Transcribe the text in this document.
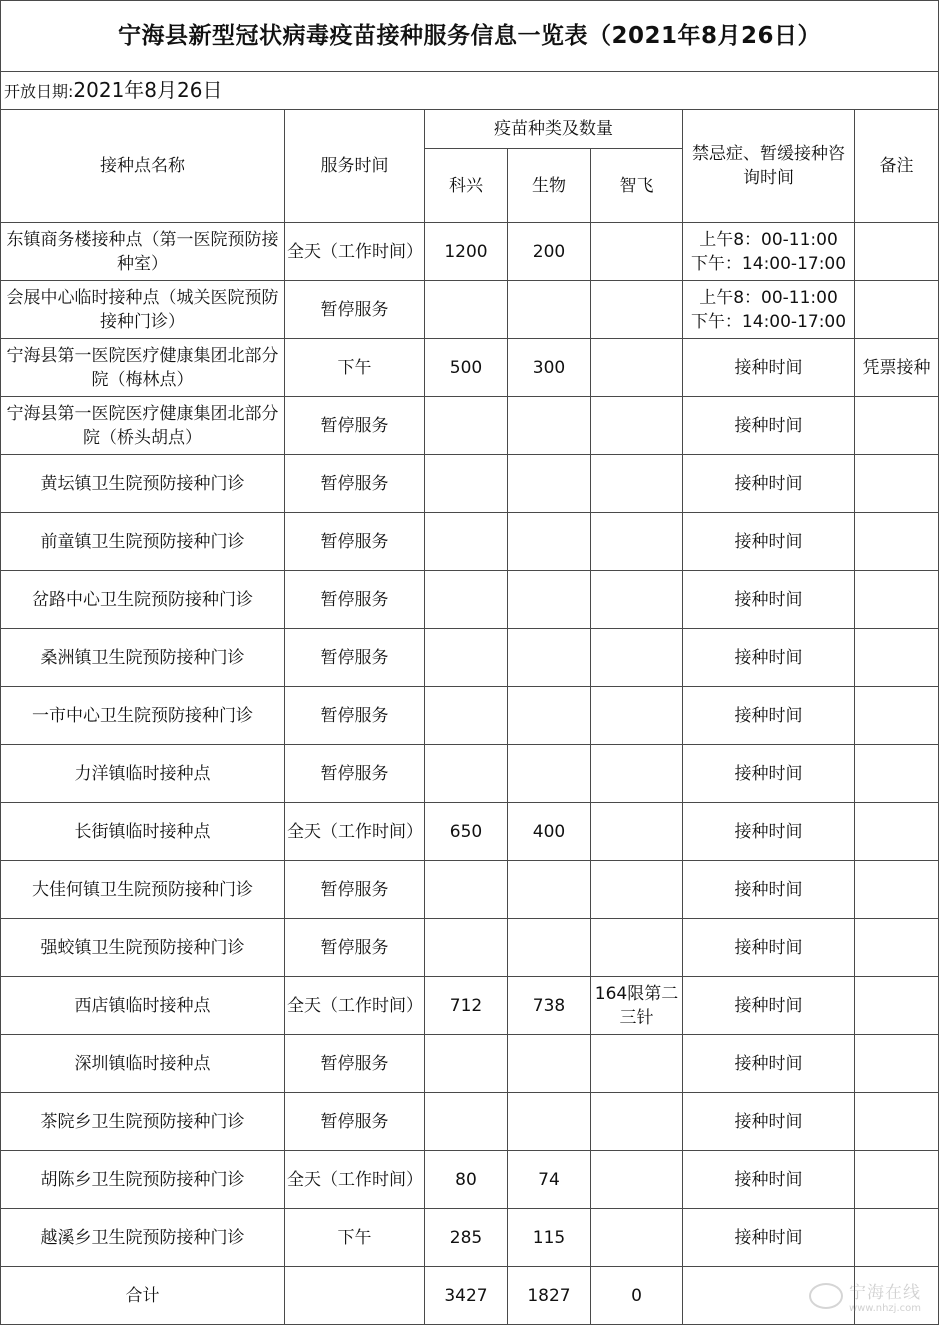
宁海县新型冠状病毒疫苗接种服务信息一览表（2021年8月26日）						
开放日期:2021年8月26日						
接种点名称	服务时间	疫苗种类及数量			禁忌症、暂缓接种咨询时间	备注
		科兴	生物	智飞		
东镇商务楼接种点（第一医院预防接种室）	全天（工作时间）	1200	200		上午8：00-11:00
下午：14:00-17:00	

会展中心临时接种点（城关医院预防接种门诊）	暂停服务				上午8：00-11:00
下午：14:00-17:00	

宁海县第一医院医疗健康集团北部分院（梅林点）	下午	500	300		接种时间	凭票接种
宁海县第一医院医疗健康集团北部分院（桥头胡点）	暂停服务				接种时间	
黄坛镇卫生院预防接种门诊	暂停服务				接种时间	
前童镇卫生院预防接种门诊	暂停服务				接种时间	
岔路中心卫生院预防接种门诊	暂停服务				接种时间	
桑洲镇卫生院预防接种门诊	暂停服务				接种时间	
一市中心卫生院预防接种门诊	暂停服务				接种时间	
力洋镇临时接种点	暂停服务				接种时间	
长街镇临时接种点	全天（工作时间）	650	400		接种时间	
大佳何镇卫生院预防接种门诊	暂停服务				接种时间	
强蛟镇卫生院预防接种门诊	暂停服务				接种时间	
西店镇临时接种点	全天（工作时间）	712	738	164限第二三针	接种时间	
深圳镇临时接种点	暂停服务				接种时间	
茶院乡卫生院预防接种门诊	暂停服务				接种时间	
胡陈乡卫生院预防接种门诊	全天（工作时间）	80	74		接种时间	
越溪乡卫生院预防接种门诊	下午	285	115		接种时间	
合计		3427	1827	0			宁海在线
www.nhzj.com
